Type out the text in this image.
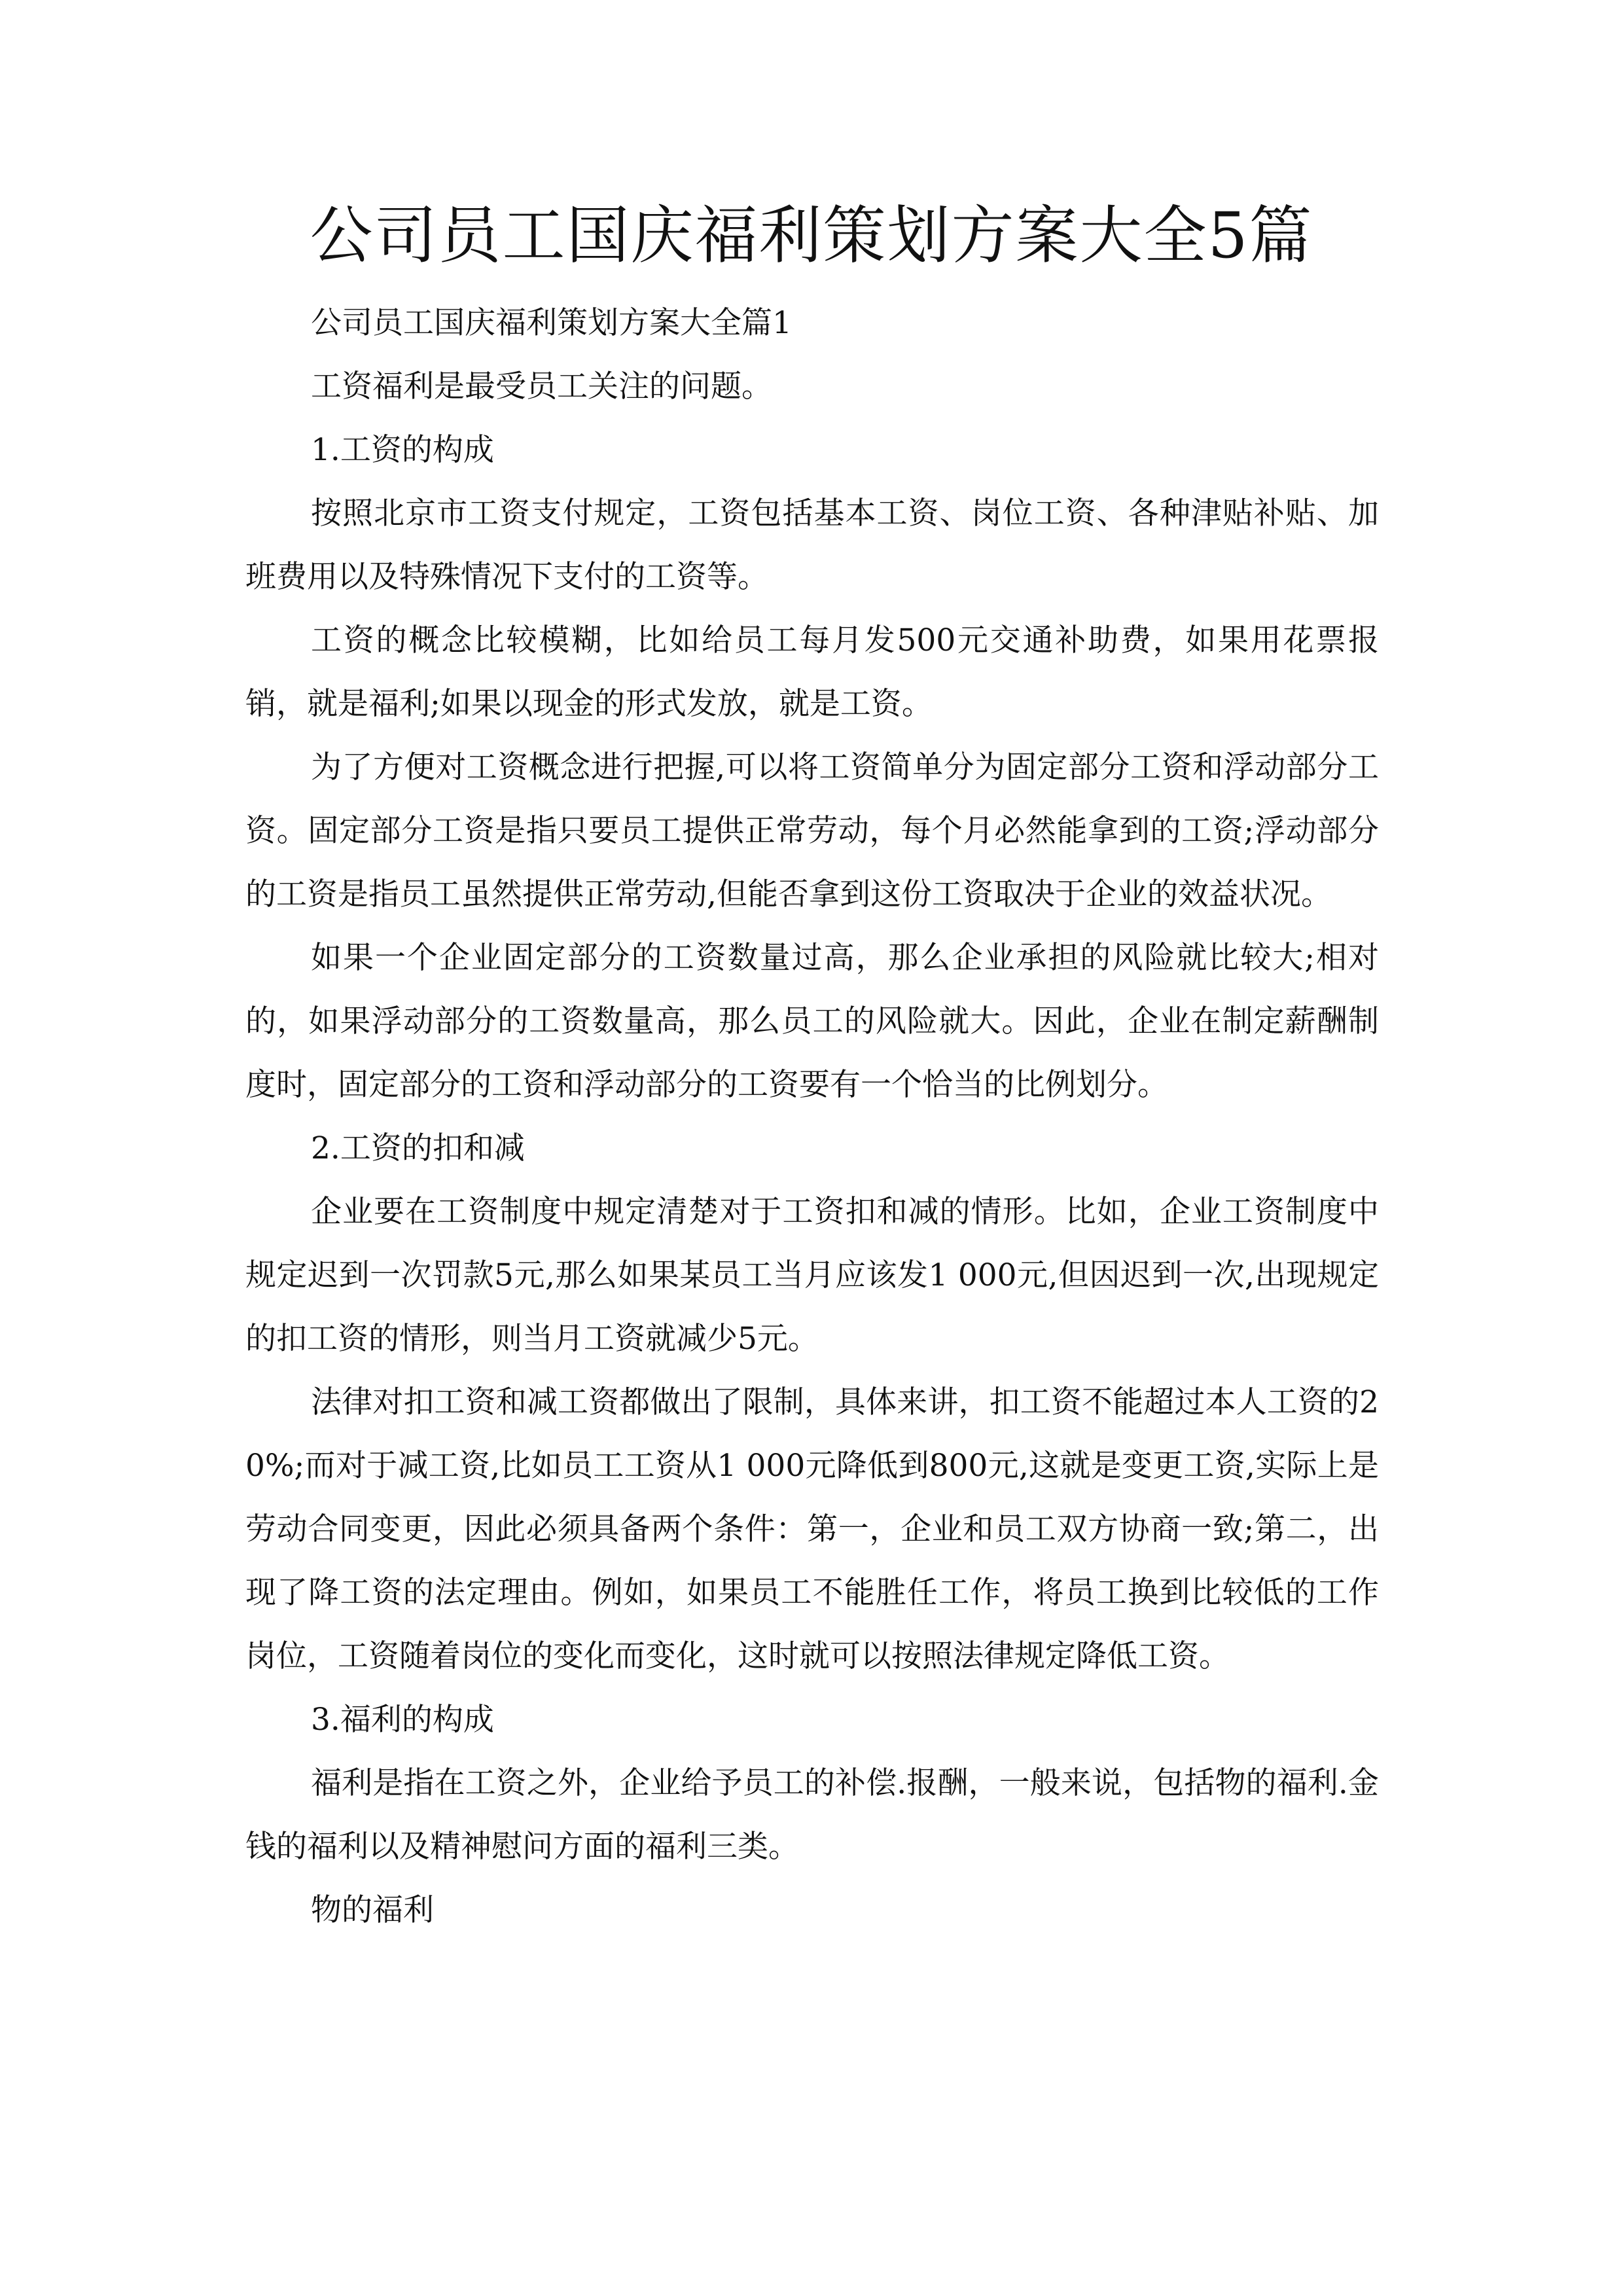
公司员工国庆福利策划方案大全5篇

公司员工国庆福利策划方案大全篇1

工资福利是最受员工关注的问题。

1.工资的构成

按照北京市工资支付规定，工资包括基本工资、岗位工资、各种津贴补贴、加班费用以及特殊情况下支付的工资等。

工资的概念比较模糊，比如给员工每月发500元交通补助费，如果用花票报销，就是福利;如果以现金的形式发放，就是工资。

为了方便对工资概念进行把握,可以将工资简单分为固定部分工资和浮动部分工资。固定部分工资是指只要员工提供正常劳动，每个月必然能拿到的工资;浮动部分的工资是指员工虽然提供正常劳动,但能否拿到这份工资取决于企业的效益状况。

如果一个企业固定部分的工资数量过高，那么企业承担的风险就比较大;相对的，如果浮动部分的工资数量高，那么员工的风险就大。因此，企业在制定薪酬制度时，固定部分的工资和浮动部分的工资要有一个恰当的比例划分。

2.工资的扣和减

企业要在工资制度中规定清楚对于工资扣和减的情形。比如，企业工资制度中规定迟到一次罚款5元,那么如果某员工当月应该发1 000元,但因迟到一次,出现规定的扣工资的情形，则当月工资就减少5元。

法律对扣工资和减工资都做出了限制，具体来讲，扣工资不能超过本人工资的20%;而对于减工资,比如员工工资从1 000元降低到800元,这就是变更工资,实际上是劳动合同变更，因此必须具备两个条件：第一，企业和员工双方协商一致;第二，出现了降工资的法定理由。例如，如果员工不能胜任工作，将员工换到比较低的工作岗位，工资随着岗位的变化而变化，这时就可以按照法律规定降低工资。

3.福利的构成

福利是指在工资之外，企业给予员工的补偿.报酬，一般来说，包括物的福利.金钱的福利以及精神慰问方面的福利三类。

物的福利
